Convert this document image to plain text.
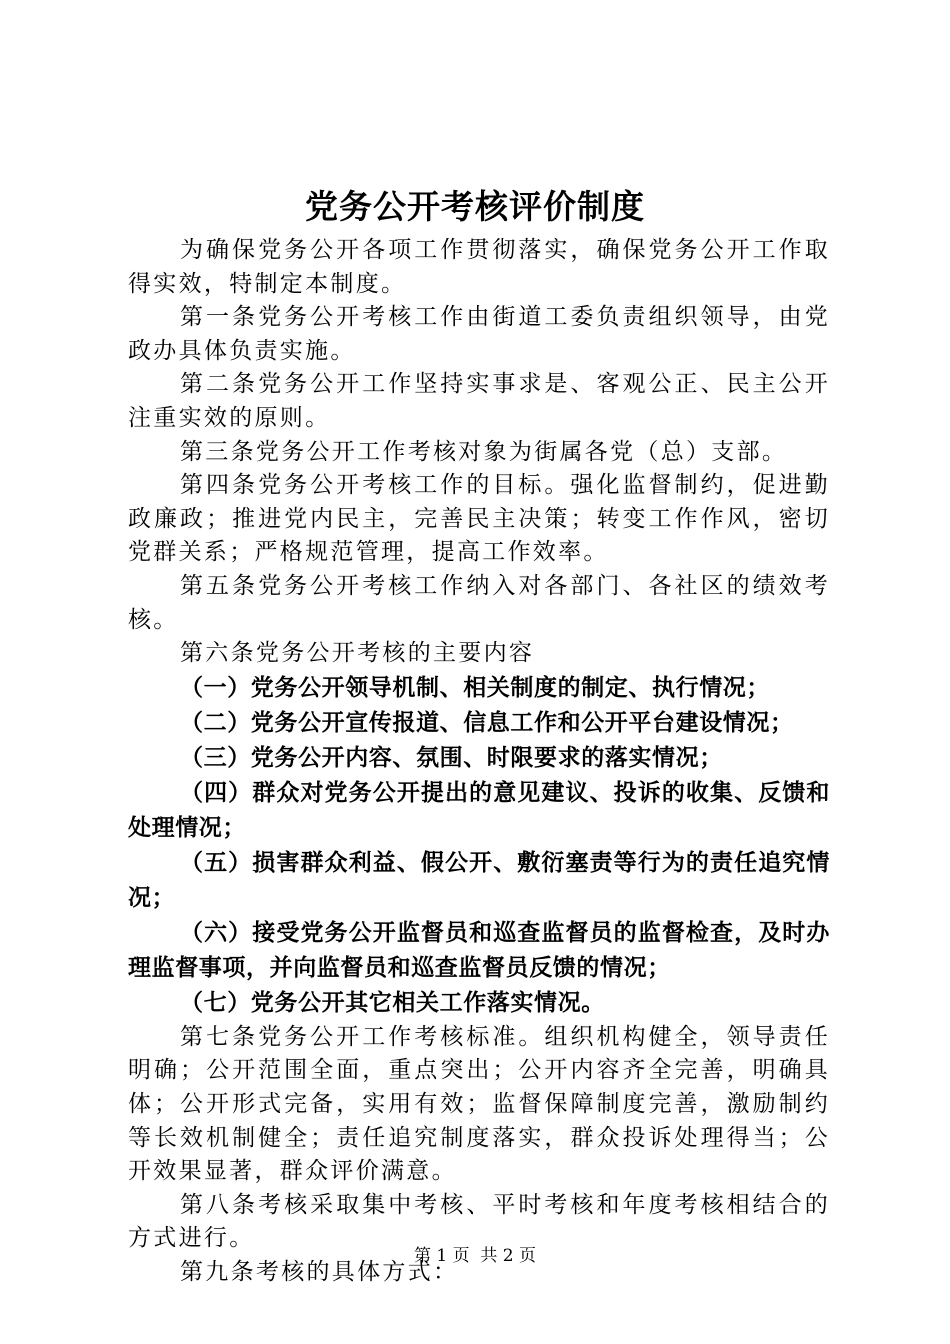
党务公开考核评价制度

为确保党务公开各项工作贯彻落实，确保党务公开工作取得实效，特制定本制度。

第一条党务公开考核工作由街道工委负责组织领导，由党政办具体负责实施。

第二条党务公开工作坚持实事求是、客观公正、民主公开注重实效的原则。

第三条党务公开工作考核对象为街属各党（总）支部。

第四条党务公开考核工作的目标。强化监督制约，促进勤政廉政；推进党内民主，完善民主决策；转变工作作风，密切党群关系；严格规范管理，提高工作效率。

第五条党务公开考核工作纳入对各部门、各社区的绩效考核。

第六条党务公开考核的主要内容

（一）党务公开领导机制、相关制度的制定、执行情况；

（二）党务公开宣传报道、信息工作和公开平台建设情况；

（三）党务公开内容、氛围、时限要求的落实情况；

（四）群众对党务公开提出的意见建议、投诉的收集、反馈和处理情况；

（五）损害群众利益、假公开、敷衍塞责等行为的责任追究情况；

（六）接受党务公开监督员和巡查监督员的监督检查，及时办理监督事项，并向监督员和巡查监督员反馈的情况；

（七）党务公开其它相关工作落实情况。

第七条党务公开工作考核标准。组织机构健全，领导责任明确；公开范围全面，重点突出；公开内容齐全完善，明确具体；公开形式完备，实用有效；监督保障制度完善，激励制约等长效机制健全；责任追究制度落实，群众投诉处理得当；公开效果显著，群众评价满意。

第八条考核采取集中考核、平时考核和年度考核相结合的方式进行。

第九条考核的具体方式：

第 1 页  共 2 页
